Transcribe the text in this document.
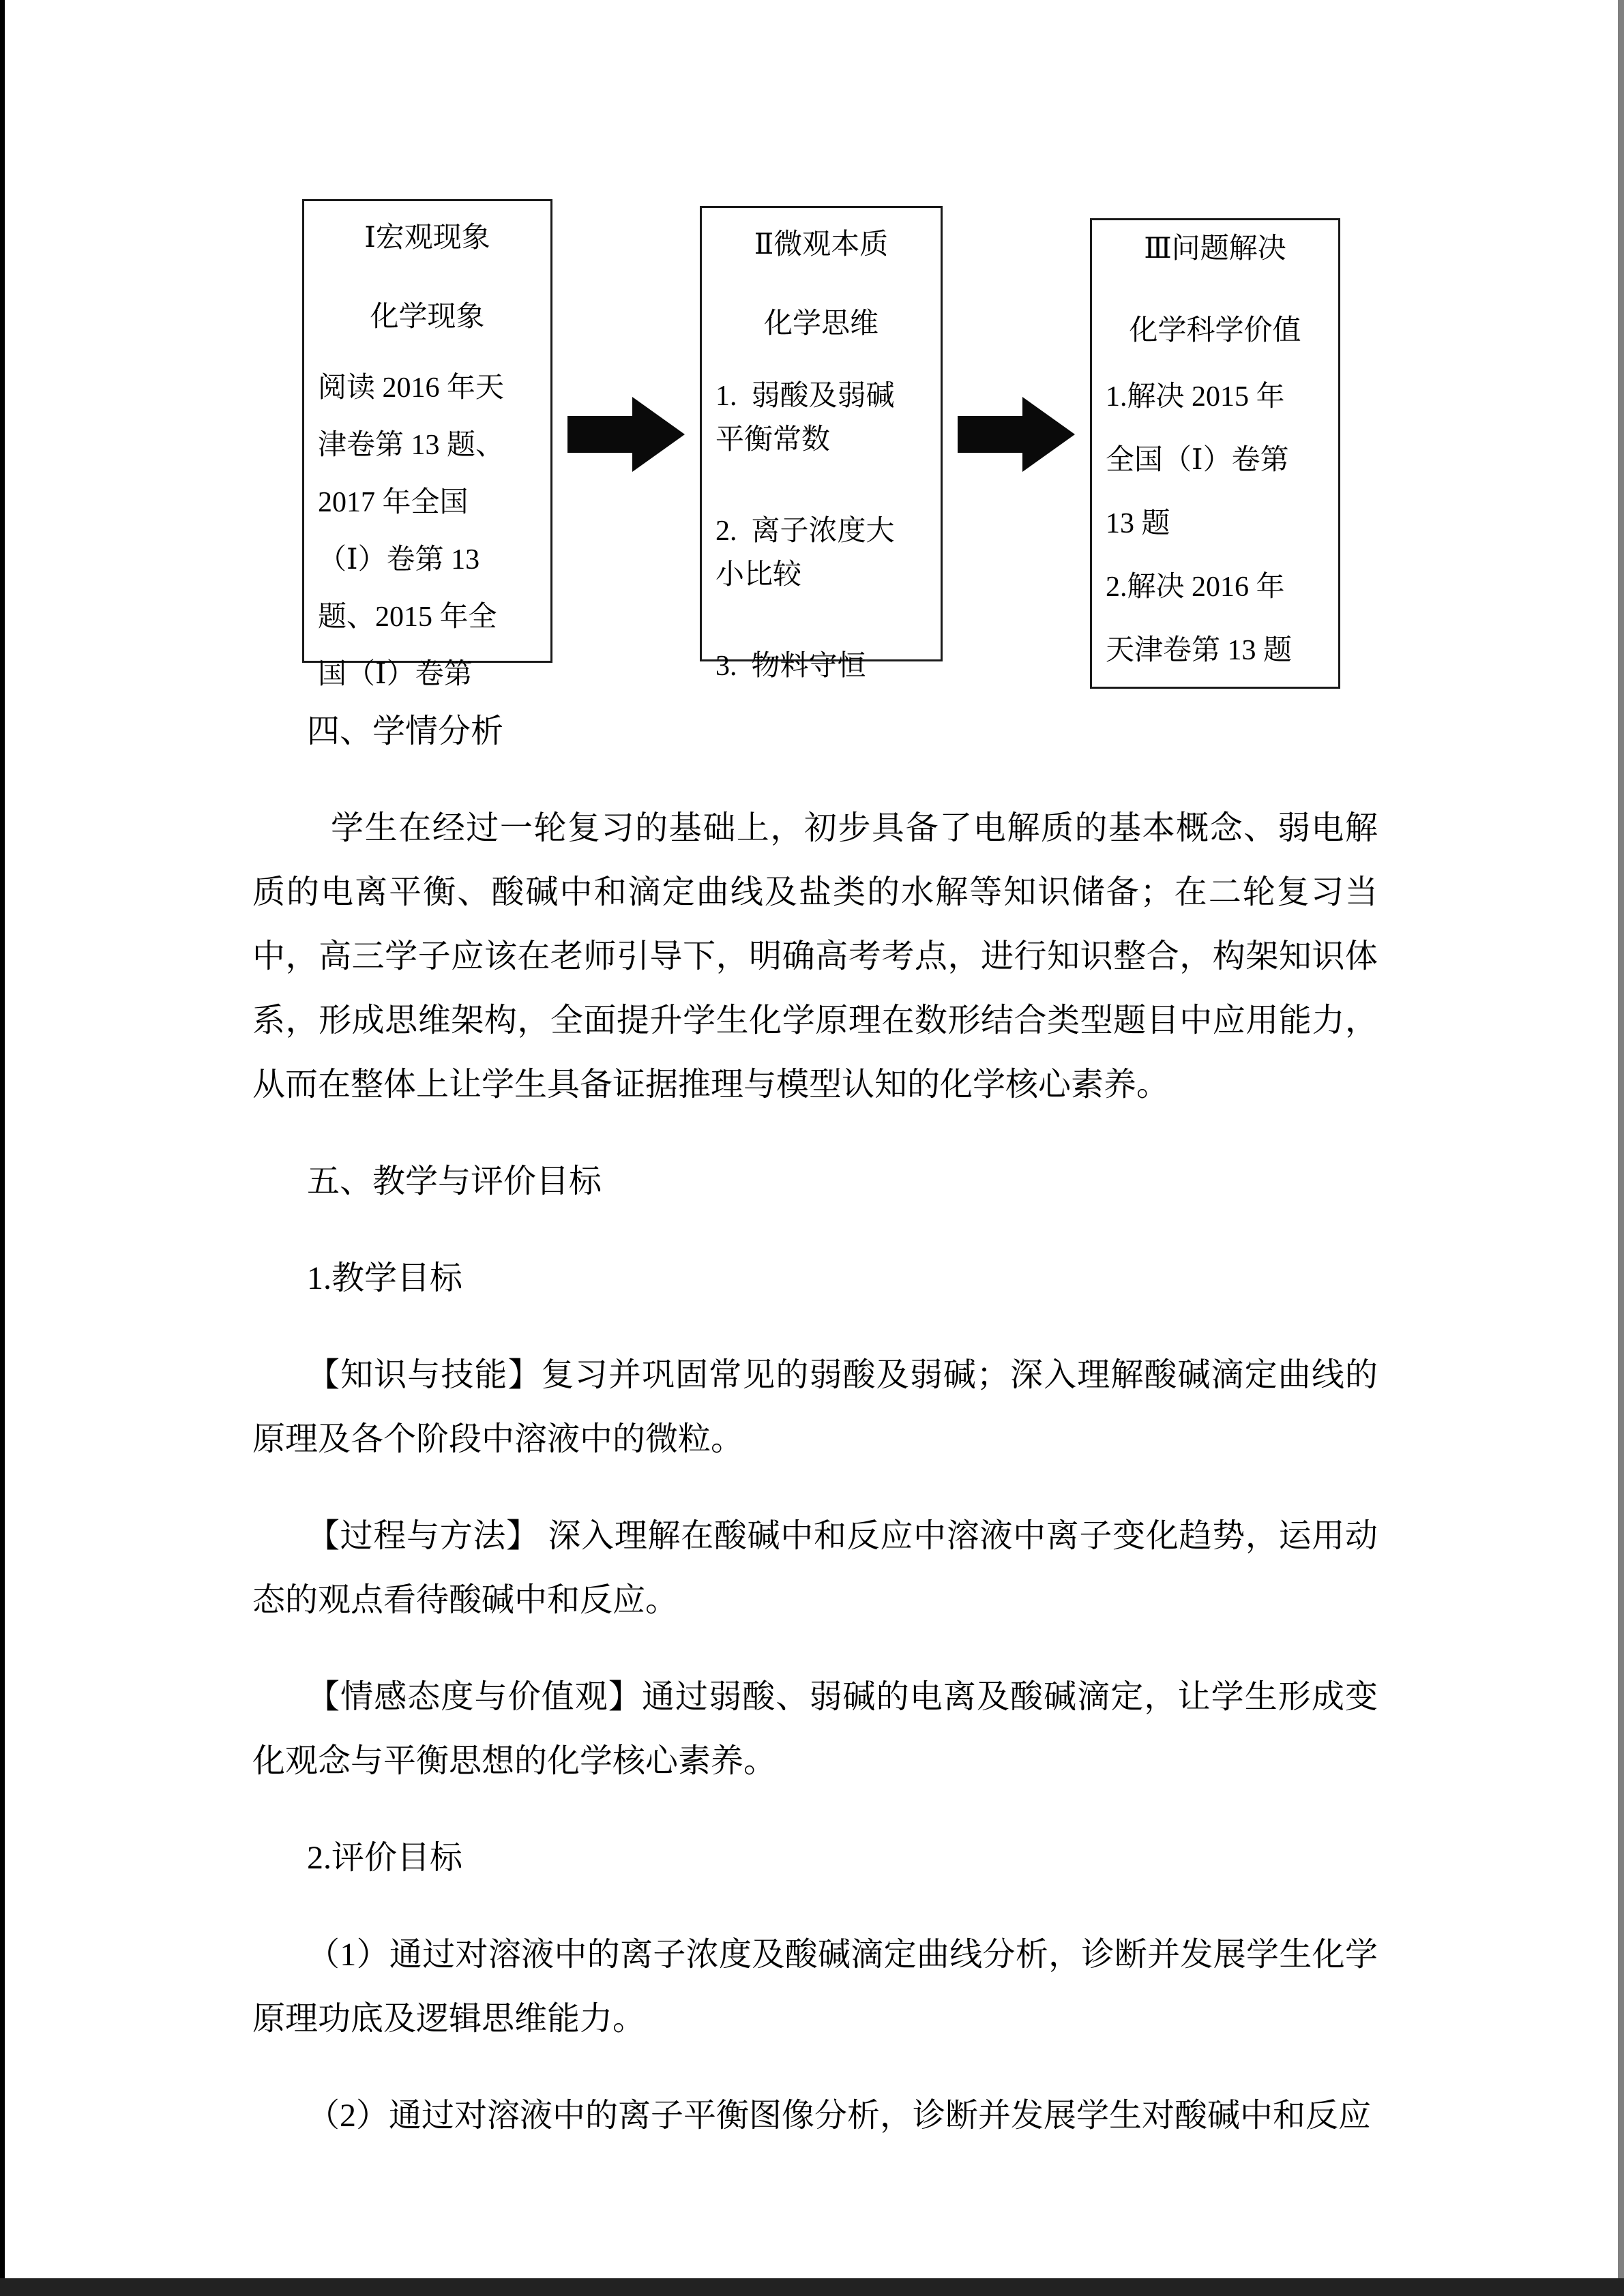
Ⅰ宏观现象
化学现象
阅读 2016 年天
津卷第 13 题、
2017 年全国
（Ⅰ）卷第 13
题、2015 年全
国（Ⅰ）卷第
Ⅱ微观本质
化学思维
1.  弱酸及弱碱
平衡常数
2.  离子浓度大
小比较
3.  物料守恒
Ⅲ问题解决
化学科学价值
1.解决 2015 年
全国（Ⅰ）卷第
13 题
2.解决 2016 年
天津卷第 13 题
四、学情分析
学生在经过一轮复习的基础上，初步具备了电解质的基本概念、弱电解质的电离平衡、酸碱中和滴定曲线及盐类的水解等知识储备；在二轮复习当中，高三学子应该在老师引导下，明确高考考点，进行知识整合，构架知识体系，形成思维架构，全面提升学生化学原理在数形结合类型题目中应用能力，从而在整体上让学生具备证据推理与模型认知的化学核心素养。
五、教学与评价目标
1.教学目标
【知识与技能】复习并巩固常见的弱酸及弱碱；深入理解酸碱滴定曲线的原理及各个阶段中溶液中的微粒。
【过程与方法】 深入理解在酸碱中和反应中溶液中离子变化趋势，运用动态的观点看待酸碱中和反应。
【情感态度与价值观】通过弱酸、弱碱的电离及酸碱滴定，让学生形成变化观念与平衡思想的化学核心素养。
2.评价目标
（1）通过对溶液中的离子浓度及酸碱滴定曲线分析，诊断并发展学生化学原理功底及逻辑思维能力。
（2）通过对溶液中的离子平衡图像分析，诊断并发展学生对酸碱中和反应
